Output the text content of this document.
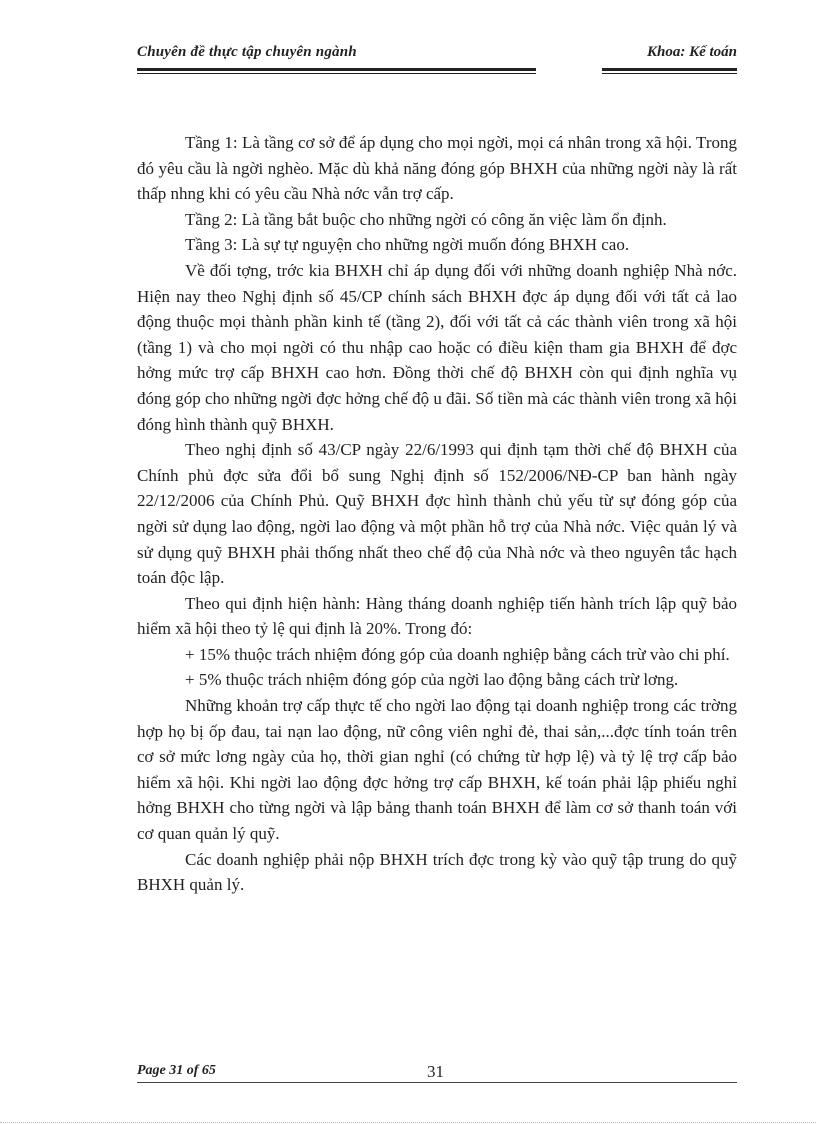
Chuyên đề thực tập chuyên ngành	Khoa: Kế toán

Tầng 1: Là tầng cơ sở để áp dụng cho mọi ngời, mọi cá nhân trong xã hội. Trong đó yêu cầu là ngời nghèo. Mặc dù khả năng đóng góp BHXH của những ngời này là rất thấp nhng khi có yêu cầu Nhà nớc vẫn trợ cấp.

Tầng 2: Là tầng bắt buộc cho những ngời có công ăn việc làm ổn định.

Tầng 3: Là sự tự nguyện cho những ngời muốn đóng BHXH cao.

Về đối tợng, trớc kia BHXH chỉ áp dụng đối với những doanh nghiệp Nhà nớc. Hiện nay theo Nghị định số 45/CP chính sách BHXH đợc áp dụng đối với tất cả lao động thuộc mọi thành phần kinh tế (tầng 2), đối với tất cả các thành viên trong xã hội (tầng 1) và cho mọi ngời có thu nhập cao hoặc có điều kiện tham gia BHXH để đợc hởng mức trợ cấp BHXH cao hơn. Đồng thời chế độ BHXH còn qui định nghĩa vụ đóng góp cho những ngời đợc hởng chế độ u đãi. Số tiền mà các thành viên trong xã hội đóng hình thành quỹ BHXH.

Theo nghị định số 43/CP ngày 22/6/1993 qui định tạm thời chế độ BHXH của Chính phủ đợc sửa đổi bổ sung Nghị định số 152/2006/NĐ-CP ban hành ngày 22/12/2006 của Chính Phủ. Quỹ BHXH đợc hình thành chủ yếu từ sự đóng góp của ngời sử dụng lao động, ngời lao động và một phần hỗ trợ của Nhà nớc. Việc quản lý và sử dụng quỹ BHXH phải thống nhất theo chế độ của Nhà nớc và theo nguyên tắc hạch toán độc lập.

Theo qui định hiện hành: Hàng tháng doanh nghiệp tiến hành trích lập quỹ bảo hiểm xã hội theo tỷ lệ qui định là 20%. Trong đó:

+ 15% thuộc trách nhiệm đóng góp của doanh nghiệp bằng cách trừ vào chi phí.

+ 5% thuộc trách nhiệm đóng góp của ngời lao động bằng cách trừ lơng.

Những khoản trợ cấp thực tế cho ngời lao động tại doanh nghiệp trong các trờng hợp họ bị ốp đau, tai nạn lao động, nữ công viên nghỉ đẻ, thai sản,...đợc tính toán trên cơ sở mức lơng ngày của họ, thời gian nghỉ (có chứng từ hợp lệ) và tỷ lệ trợ cấp bảo hiểm xã hội. Khi ngời lao động đợc hởng trợ cấp BHXH, kế toán phải lập phiếu nghỉ hởng BHXH cho từng ngời và lập bảng thanh toán BHXH để làm cơ sở thanh toán với cơ quan quản lý quỹ.

Các doanh nghiệp phải nộp BHXH trích đợc trong kỳ vào quỹ tập trung do quỹ BHXH quản lý.

Page 31 of 65	31
